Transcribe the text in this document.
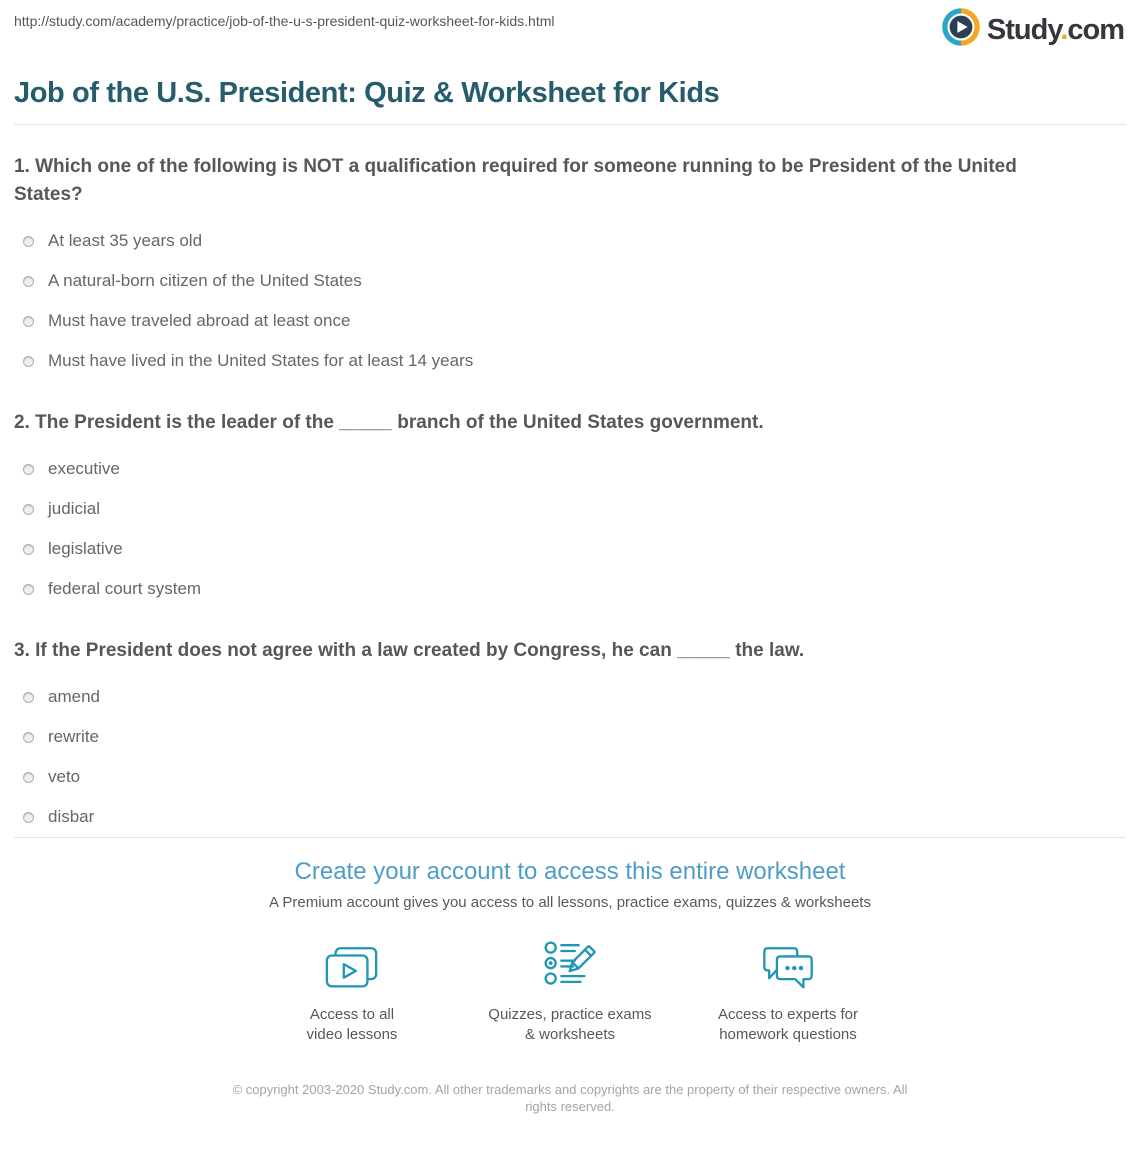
http://study.com/academy/practice/job-of-the-u-s-president-quiz-worksheet-for-kids.html	Study.com
Job of the U.S. President: Quiz & Worksheet for Kids
1. Which one of the following is NOT a qualification required for someone running to be President of the United States?
At least 35 years old
A natural-born citizen of the United States
Must have traveled abroad at least once
Must have lived in the United States for at least 14 years
2. The President is the leader of the _____ branch of the United States government.
executive
judicial
legislative
federal court system
3. If the President does not agree with a law created by Congress, he can _____ the law.
amend
rewrite
veto
disbar
Create your account to access this entire worksheet

A Premium account gives you access to all lessons, practice exams, quizzes & worksheets

Access to all
video lessons
Quizzes, practice exams
& worksheets
Access to experts for
homework questions
© copyright 2003-2020 Study.com. All other trademarks and copyrights are the property of their respective owners. All rights reserved.
